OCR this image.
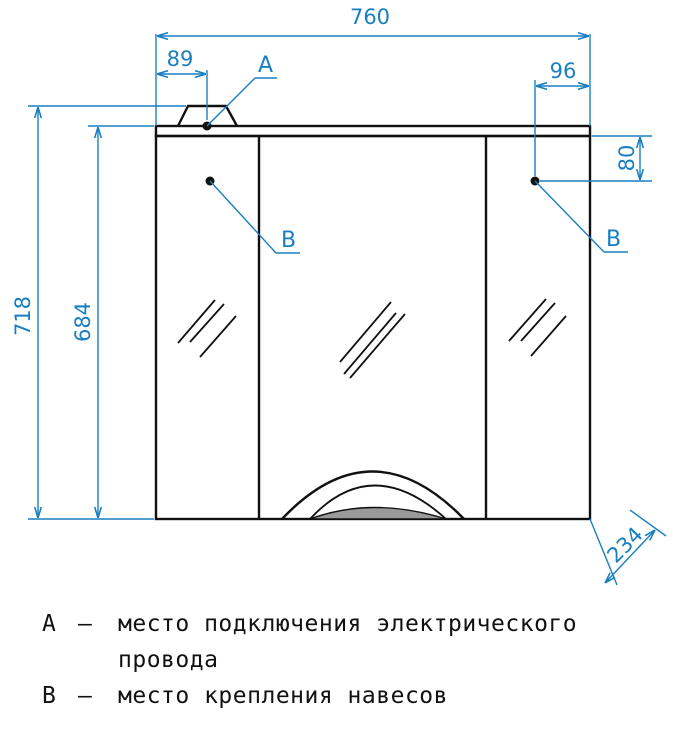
760
89	96
80
718 684
234
A
B	B
A –	место подключения электрического
провода
B –	место крепления навесов
